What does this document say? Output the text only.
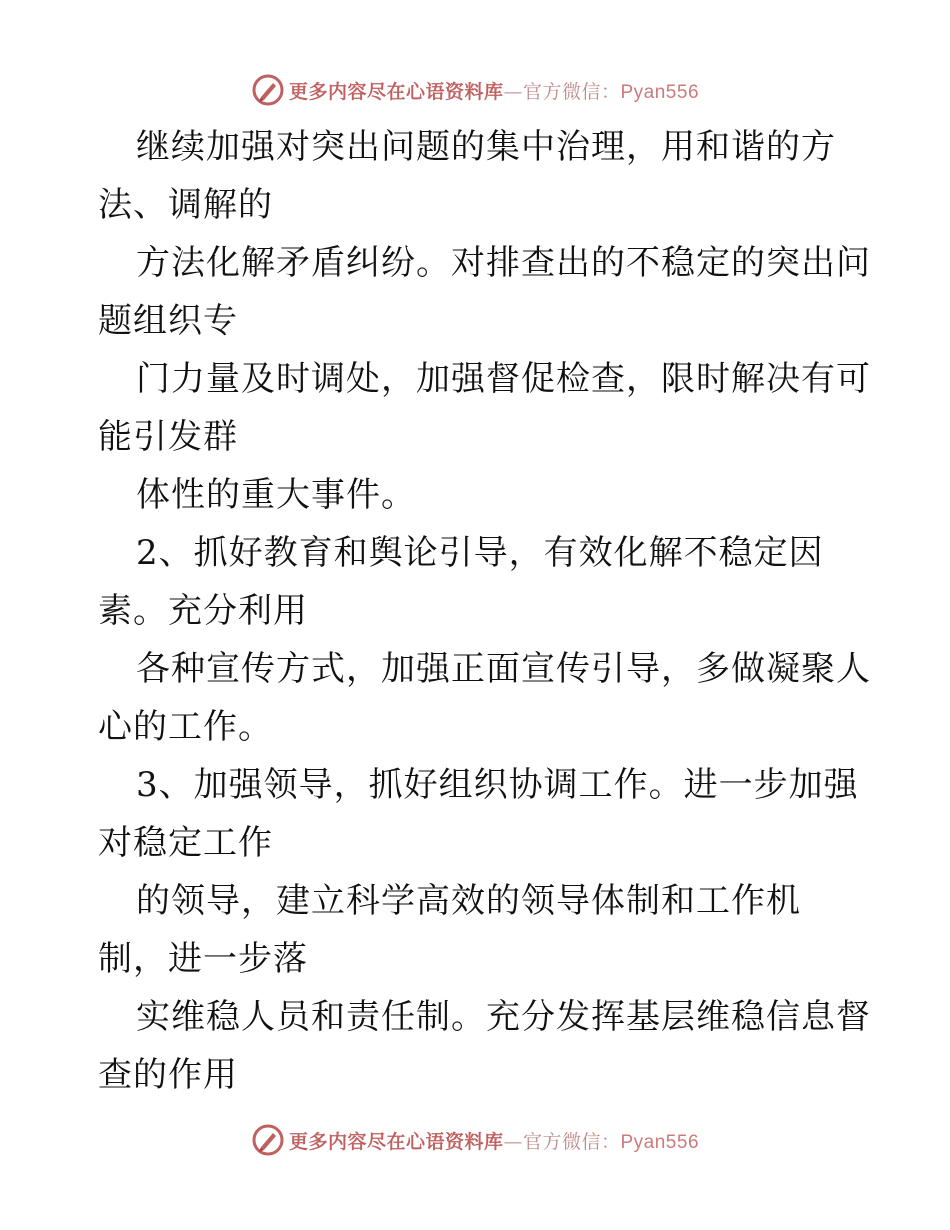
更多内容尽在心语资料库—官方微信：Pyan556
继续加强对突出问题的集中治理，用和谐的方
法、调解的
方法化解矛盾纠纷。对排查出的不稳定的突出问
题组织专
门力量及时调处，加强督促检查，限时解决有可
能引发群
体性的重大事件。
2、抓好教育和舆论引导，有效化解不稳定因
素。充分利用
各种宣传方式，加强正面宣传引导，多做凝聚人
心的工作。
3、加强领导，抓好组织协调工作。进一步加强
对稳定工作
的领导，建立科学高效的领导体制和工作机
制，进一步落
实维稳人员和责任制。充分发挥基层维稳信息督
查的作用
更多内容尽在心语资料库—官方微信：Pyan556
